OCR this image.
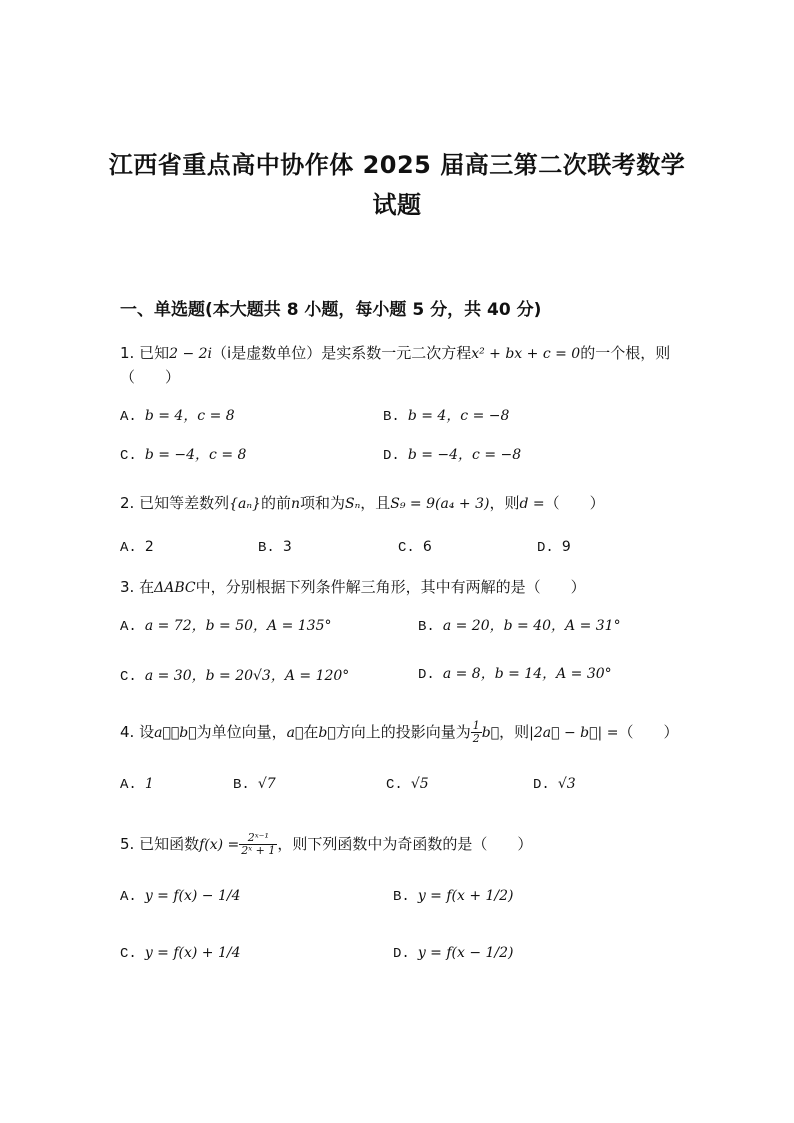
江西省重点高中协作体 2025 届高三第二次联考数学
试题
一、单选题(本大题共 8 小题，每小题 5 分，共 40 分)
1. 已知2 − 2i（i是虚数单位）是实系数一元二次方程x² + bx + c = 0的一个根，则
（　　）
A. b = 4，c = 8	B. b = 4，c = −8
C. b = −4，c = 8	D. b = −4，c = −8
2. 已知等差数列{aₙ}的前n项和为Sₙ，且S₉ = 9(a₄ + 3)，则d =（　　）
A. 2	B. 3	C. 6	D. 9
3. 在ΔABC中，分别根据下列条件解三角形，其中有两解的是（　　）
A. a = 72，b = 50，A = 135°	B. a = 20，b = 40，A = 31°
C. a = 30，b = 20√3，A = 120°	D. a = 8，b = 14，A = 30°
4. 设a⃗，b⃗为单位向量，a⃗在b⃗方向上的投影向量为 $\frac{1}{2}$ b⃗，则|2a⃗ − b⃗| =（　　）
A. 1	B. √7	C. √5	D. √3
5. 已知函数$f(x) = \frac{\text{2ˣ⁻¹}}{\text{2ˣ + 1}}$ ，则下列函数中为奇函数的是（　　）
A. y = f(x) − 1/4	B. y = f(x + 1/2)
C. y = f(x) + 1/4	D. y = f(x − 1/2)
